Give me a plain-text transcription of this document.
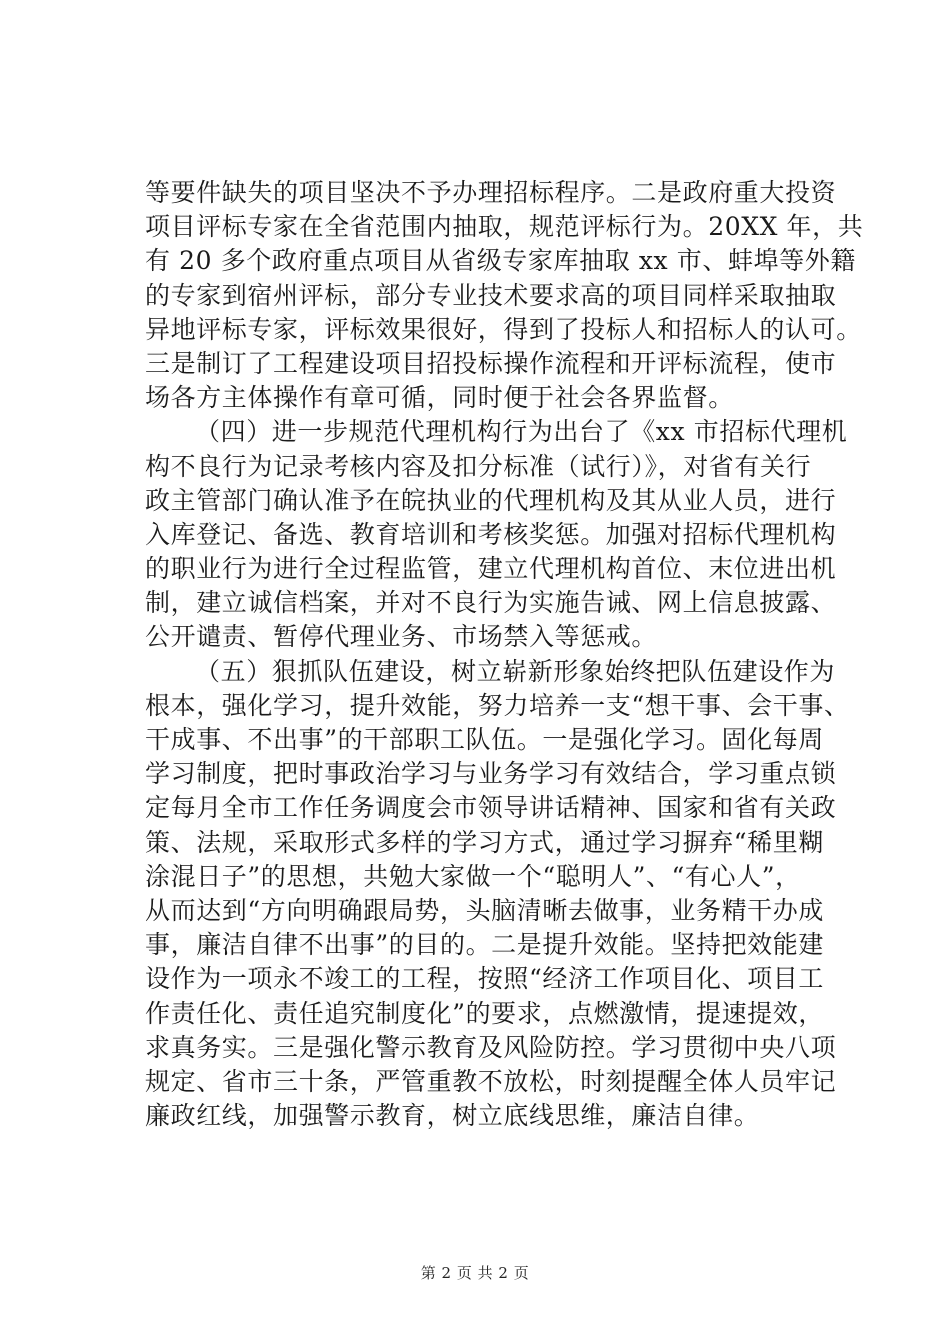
等要件缺失的项目坚决不予办理招标程序。二是政府重大投资
项目评标专家在全省范围内抽取，规范评标行为。20XX 年，共
有 20 多个政府重点项目从省级专家库抽取 xx 市、蚌埠等外籍
的专家到宿州评标，部分专业技术要求高的项目同样采取抽取
异地评标专家，评标效果很好，得到了投标人和招标人的认可。
三是制订了工程建设项目招投标操作流程和开评标流程，使市
场各方主体操作有章可循，同时便于社会各界监督。
（四）进一步规范代理机构行为出台了《xx 市招标代理机
构不良行为记录考核内容及扣分标准（试行）》，对省有关行
政主管部门确认准予在皖执业的代理机构及其从业人员，进行
入库登记、备选、教育培训和考核奖惩。加强对招标代理机构
的职业行为进行全过程监管，建立代理机构首位、末位进出机
制，建立诚信档案，并对不良行为实施告诫、网上信息披露、
公开谴责、暂停代理业务、市场禁入等惩戒。
（五）狠抓队伍建设，树立崭新形象始终把队伍建设作为
根本，强化学习，提升效能，努力培养一支“想干事、会干事、
干成事、不出事”的干部职工队伍。一是强化学习。固化每周
学习制度，把时事政治学习与业务学习有效结合，学习重点锁
定每月全市工作任务调度会市领导讲话精神、国家和省有关政
策、法规，采取形式多样的学习方式，通过学习摒弃“稀里糊
涂混日子”的思想，共勉大家做一个“聪明人”、“有心人”，
从而达到“方向明确跟局势，头脑清晰去做事，业务精干办成
事，廉洁自律不出事”的目的。二是提升效能。坚持把效能建
设作为一项永不竣工的工程，按照“经济工作项目化、项目工
作责任化、责任追究制度化”的要求，点燃激情，提速提效，
求真务实。三是强化警示教育及风险防控。学习贯彻中央八项
规定、省市三十条，严管重教不放松，时刻提醒全体人员牢记
廉政红线，加强警示教育，树立底线思维，廉洁自律。
第 2 页 共 2 页
